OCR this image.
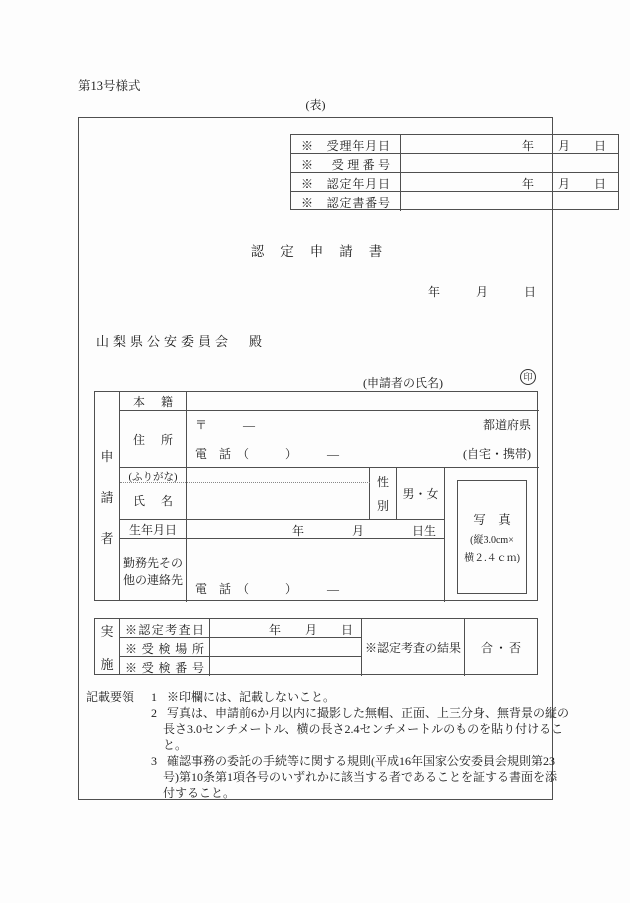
第13号様式
(表)
※　受理年月日	年　　月　　日
※　受理番号
※　認定年月日	年　　月　　日
※　認定書番号
認定申請書
年　　　月　　　日
山梨県公安委員会　殿
(申請者の氏名)	印
申
請
者
本籍
住所
〒　　　—	都道府県
電　話　（　　　）　　　—	(自宅・携帯)
(ふりがな)
氏名
性
別
男・女
生年月日	年　　　　月　　　　日生
勤務先その
他の連絡先
電　話　（　　　）　　　—
写　真
(縦3.0cm×
横２.４ｃｍ)
実
施
※認定考査日	年　　月　　日
※受検場所
※受検番号
※認定考査の結果 合・否
記載要領 1 ※印欄には、記載しないこと。
2 写真は、申請前6か月以内に撮影した無帽、正面、上三分身、無背景の縦の
長さ3.0センチメートル、横の長さ2.4センチメートルのものを貼り付けるこ
と。
3 確認事務の委託の手続等に関する規則(平成16年国家公安委員会規則第23
号)第10条第1項各号のいずれかに該当する者であることを証する書面を添
付すること。
